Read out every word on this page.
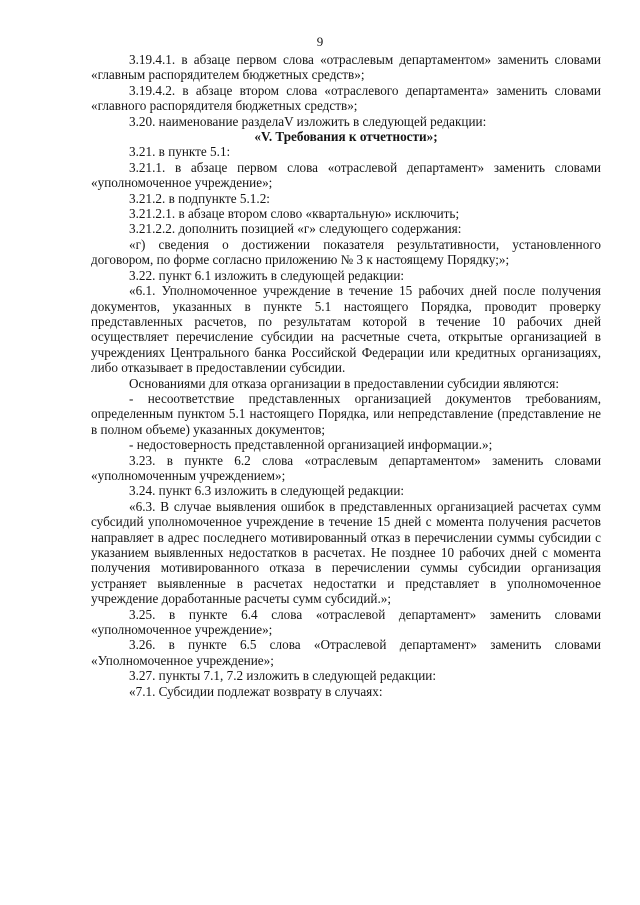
9

3.19.4.1. в абзаце первом слова «отраслевым департаментом» заменить словами «главным распорядителем бюджетных средств»;

3.19.4.2. в абзаце втором слова «отраслевого департамента» заменить словами «главного распорядителя бюджетных средств»;

3.20. наименование разделаV изложить в следующей редакции:

«V. Требования к отчетности»;

3.21. в пункте 5.1:

3.21.1. в абзаце первом слова «отраслевой департамент» заменить словами «уполномоченное учреждение»;

3.21.2. в подпункте 5.1.2:

3.21.2.1. в абзаце втором слово «квартальную» исключить;

3.21.2.2. дополнить позицией «г» следующего содержания:

«г) сведения о достижении показателя результативности, установленного договором, по форме согласно приложению № 3 к настоящему Порядку;»;

3.22. пункт 6.1 изложить в следующей редакции:

«6.1. Уполномоченное учреждение в течение 15 рабочих дней после получения документов, указанных в пункте 5.1 настоящего Порядка, проводит проверку представленных расчетов, по результатам которой в течение 10 рабочих дней осуществляет перечисление субсидии на расчетные счета, открытые организацией в учреждениях Центрального банка Российской Федерации или кредитных организациях, либо отказывает в предоставлении субсидии.

Основаниями для отказа организации в предоставлении субсидии являются:

- несоответствие представленных организацией документов требованиям, определенным пунктом 5.1 настоящего Порядка, или непредставление (представление не в полном объеме) указанных документов;

- недостоверность представленной организацией информации.»;

3.23. в пункте 6.2 слова «отраслевым департаментом» заменить словами «уполномоченным учреждением»;

3.24. пункт 6.3 изложить в следующей редакции:

«6.3. В случае выявления ошибок в представленных организацией расчетах сумм субсидий уполномоченное учреждение в течение 15 дней с момента получения расчетов направляет в адрес последнего мотивированный отказ в перечислении суммы субсидии с указанием выявленных недостатков в расчетах. Не позднее 10 рабочих дней с момента получения мотивированного отказа в перечислении суммы субсидии организация устраняет выявленные в расчетах недостатки и представляет в уполномоченное учреждение доработанные расчеты сумм субсидий.»;

3.25. в пункте 6.4 слова «отраслевой департамент» заменить словами «уполномоченное учреждение»;

3.26. в пункте 6.5 слова «Отраслевой департамент» заменить словами «Уполномоченное учреждение»;

3.27. пункты 7.1, 7.2 изложить в следующей редакции:

«7.1. Субсидии подлежат возврату в случаях:
